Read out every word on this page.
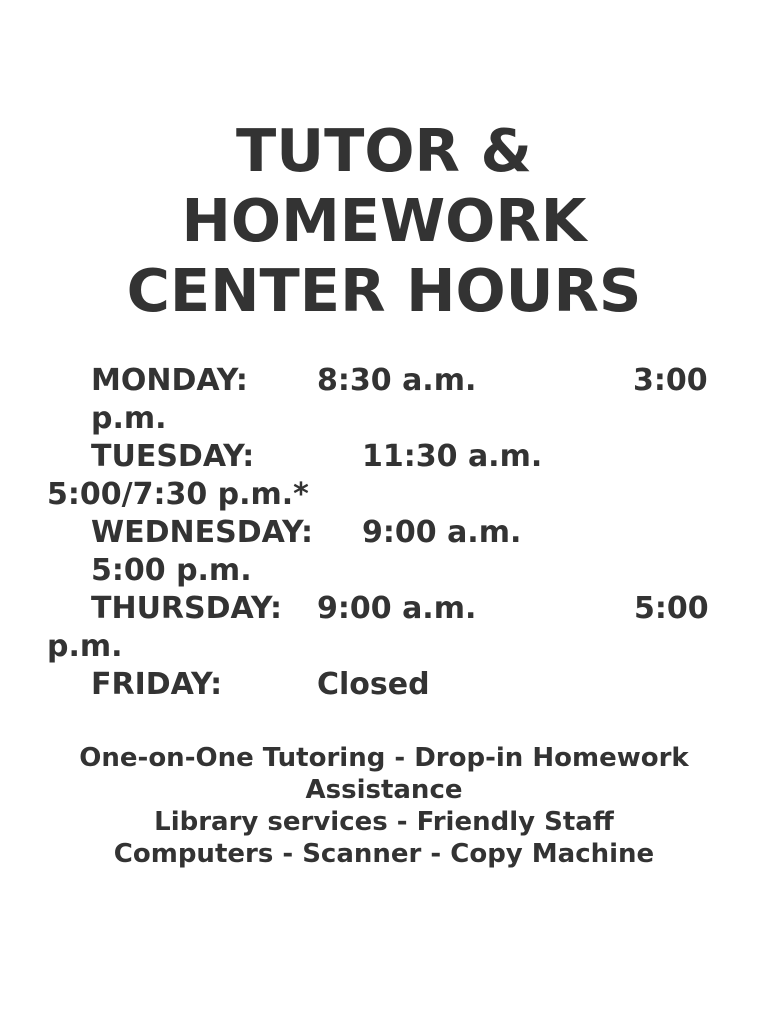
TUTOR &
HOMEWORK
CENTER HOURS
MONDAY: 8:30 a.m.	3:00
p.m.
TUESDAY:	11:30 a.m.
5:00/7:30 p.m.*
WEDNESDAY: 9:00 a.m.
5:00 p.m.
THURSDAY: 9:00 a.m.	5:00
p.m.
FRIDAY:	Closed
One-on-One Tutoring - Drop-in Homework
Assistance
Library services - Friendly Staff
Computers - Scanner - Copy Machine
